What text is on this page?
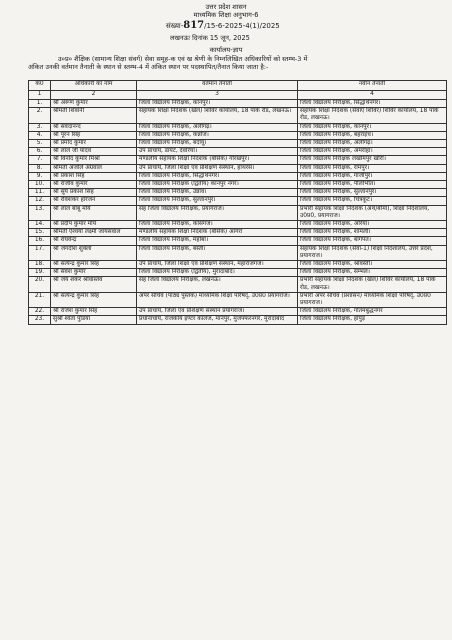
उत्तर प्रदेश शासन
माध्यमिक शिक्षा अनुभाग-6
संख्या-817/15-6-2025-4(1)/2025
लखनऊः दिनांक 15 जून, 2025
कार्यालय-ज्ञाप
उ०प्र० शैक्षिक (सामान्य शिक्षा संवर्ग) सेवा समूह-क एवं ख श्रेणी के निम्नलिखित अधिकारियों को स्तम्भ-3 में
अंकित उनकी वर्तमान तैनाती के स्थान से स्तम्भ-4 में अंकित स्थान पर पदस्थापित/तैनात किया जाता है:-
क0	अधिकारी का नाम	वर्तमान तैनाती	नवीन तैनाती
1	2	3	4
1.	श्री अरूण कुमार	जिला विद्यालय निरीक्षक, कानपुर।	जिला विद्यालय निरीक्षक, सिद्धार्थनगर।
2.	श्रीमती शिवानी	सहायक शिक्षा निदेशक (खेल) शिविर कार्यालय, 18 पार्क रोड, लखनऊ।	सहायक शिक्षा निदेशक (सेवाएं शिविर) शिविर कार्यालय, 18 पार्क रोड, लखनऊ।
3.	श्री सर्वदानन्द	जिला विद्यालय निरीक्षक, अलीगढ़।	जिला विद्यालय निरीक्षक, कानपुर।
4.	श्री पूरन सिंह	जिला विद्यालय निरीक्षक, कन्नौज।	जिला विद्यालय निरीक्षक, बहराइच।
5.	श्री प्रमोद कुमार	जिला विद्यालय निरीक्षक, बदायूं।	जिला विद्यालय निरीक्षक, अलीगढ़।
6.	श्री लाल जी यादव	उप प्राचार्य, डायट, देवरिया।	जिला विद्यालय निरीक्षक, अमरोहा।
7.	श्री विनोद कुमार मिश्रा	मण्डलीय सहायक शिक्षा निदेशक (बेसिक) गोरखपुर।	जिला विद्यालय निरीक्षक लखीमपुर खीरी।
8.	श्रीमती अंजलि अग्रवाल	उप प्राचार्य, जिला शिक्षा एवं प्रशिक्षण संस्थान, हाथरस।	जिला विद्यालय निरीक्षक, रामपुर।
9.	श्री प्रकाश सिंह	जिला विद्यालय निरीक्षक, सिद्धार्थनगर।	जिला विद्यालय निरीक्षक, गाजीपुर।
10.	श्री राजीव कुमार	जिला विद्यालय निरीक्षक (द्वितीय) कानपुर नगर।	जिला विद्यालय निरीक्षक, पीलीभीत।
11.	श्री सूर्य प्रकाश सिंह	जिला विद्यालय निरीक्षक, उन्नाव।	जिला विद्यालय निरीक्षक, सुल्तानपुर।
12.	श्री रविशंकर हरिजन	जिला विद्यालय निरीक्षक, सुल्तानपुर।	जिला विद्यालय निरीक्षक, चित्रकूट।
13.	श्री लाल बाबू मौर्य	सह जिला विद्यालय निरीक्षक, प्रयागराज।	प्रभारी सहायक शिक्षा निदेशक (अर्थ/बीमा), शिक्षा निदेशालय, उ0प्र0, प्रयागराज।
14.	श्री प्रदीप कुमार मौर्य	जिला विद्यालय निरीक्षक, कासगंज।	जिला विद्यालय निरीक्षक, औरैया।
15.	श्रीमती ऐश्वर्या लक्ष्मी जायसवाल	मण्डलीय सहायक शिक्षा निदेशक (बेसिक) आगरा	जिला विद्यालय निरीक्षक, शामली।
16.	श्री राघवेन्द्र	जिला विद्यालय निरीक्षक, महोबा।	जिला विद्यालय निरीक्षक, बागपत।
17.	श्री जगदीश शुक्ला	जिला विद्यालय निरीक्षक, बस्ती।	सहायक शिक्षा निदेशक (सेवा-1) शिक्षा निदेशालय, उत्तर प्रदेश, प्रयागराज।
18.	श्री सत्येन्द्र कुमार सिंह	उप प्राचार्य, जिला शिक्षा एवं प्रशिक्षण संस्थान, महाराजगंज।	जिला विद्यालय निरीक्षक, श्रावस्ती।
19.	श्री सर्वेश कुमार	जिला विद्यालय निरीक्षक (द्वितीय), मुरादाबाद।	जिला विद्यालय निरीक्षक, सम्भल।
20.	श्री जय शंकर श्रीवास्तव	सह जिला विद्यालय निरीक्षक, लखनऊ।	प्रभारी सहायक शिक्षा निदेशक (खेल) शिविर कार्यालय, 18 पार्क रोड, लखनऊ।
21.	श्री सत्येन्द्र कुमार सिंह	अपर सचिव (पाठ्य पुस्तक) माध्यमिक शिक्षा परिषद्, उ0प्र0 प्रयागराज।	प्रभारी अपर सचिव (प्रशासन) माध्यमिक शिक्षा परिषद्, उ0प्र0 प्रयागराज।
22.	श्री राजेश कुमार सिंह	उप प्राचार्य, जिला एवं प्रशिक्षण संस्थान प्रयागराज।	जिला विद्यालय निरीक्षक, गौतमबुद्धनगर
23.	सुश्री श्वेता पुंडिया	प्रधानाचार्य, राजकीय इण्टर कालेज, मानपुर, मुजफ्फरनगर, मुरादाबाद	जिला विद्यालय निरीक्षक, हापुड़
